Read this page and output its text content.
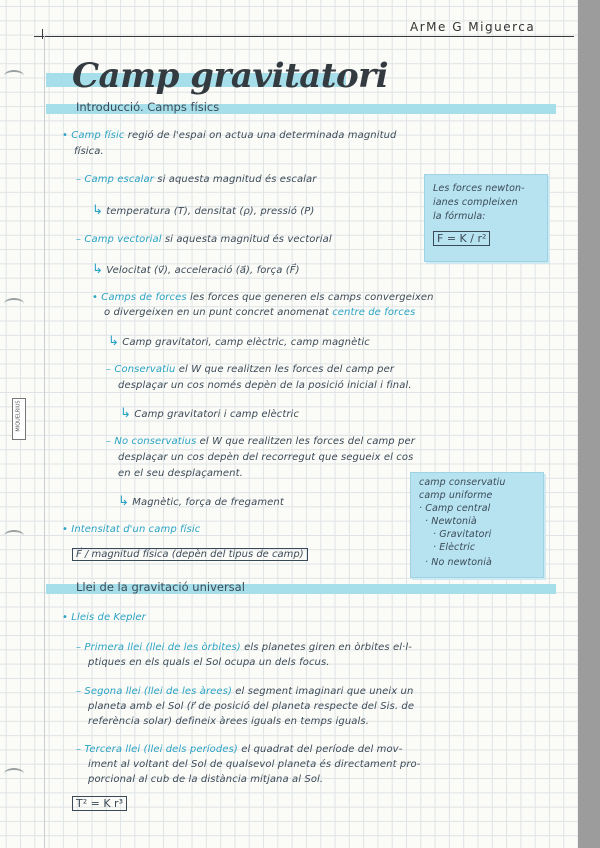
MIQUELRIUS
ArMe G Miguerca
Camp gravitatori
Introducció. Camps físics
• Camp físic regió de l'espai on actua una determinada magnitud
física.
– Camp escalar si aquesta magnitud és escalar
↳ temperatura (T), densitat (ρ), pressió (P)
– Camp vectorial si aquesta magnitud és vectorial
↳ Velocitat (v⃗), acceleració (a⃗), força (F⃗)
Les forces newton-
ianes compleixen
la fórmula:
F = K / r²
• Camps de forces les forces que generen els camps convergeixen
o divergeixen en un punt concret anomenat centre de forces
↳ Camp gravitatori, camp elèctric, camp magnètic
– Conservatiu el W que realitzen les forces del camp per
desplaçar un cos només depèn de la posició inicial i final.
↳ Camp gravitatori i camp elèctric
– No conservatius el W que realitzen les forces del camp per
desplaçar un cos depèn del recorregut que segueix el cos
en el seu desplaçament.
↳ Magnètic, força de fregament
camp conservatiu
camp uniforme
· Camp central
· Newtonià
· Gravitatori
· Elèctric
· No newtonià
• Intensitat d'un camp físic
F⃗ / magnitud física (depèn del tipus de camp)
Llei de la gravitació universal
• Lleis de Kepler
– Primera llei (llei de les òrbites) els planetes giren en òrbites el·l-
ptiques en els quals el Sol ocupa un dels focus.
– Segona llei (llei de les àrees) el segment imaginari que uneix un
planeta amb el Sol (r⃗ de posició del planeta respecte del Sis. de
referència solar) defineix àrees iguals en temps iguals.
– Tercera llei (llei dels períodes) el quadrat del període del mov-
iment al voltant del Sol de qualsevol planeta és directament pro-
porcional al cub de la distància mitjana al Sol.
T² = K r³
